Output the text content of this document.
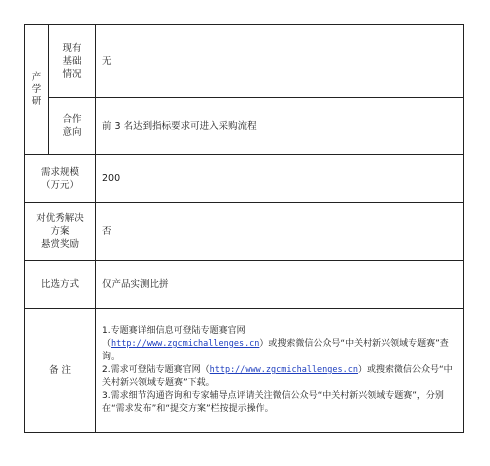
产
学
研	现有
基础
情况	无

	合作
意向	前 3 名达到指标要求可进入采购流程

需求规模
（万元）		200

对优秀解决
方案
悬赏奖励		否
比选方式		仅产品实测比拼
备 注		1.专题赛详细信息可登陆专题赛官网
（http://www.zgcmichallenges.cn）或搜索微信公众号“中关村新兴领域专题赛”查询。
2.需求可登陆专题赛官网（http://www.zgcmichallenges.cn）或搜索微信公众号“中关村新兴领域专题赛”下载。
3.需求细节沟通咨询和专家辅导点评请关注微信公众号“中关村新兴领域专题赛”，分别在“需求发布”和“提交方案”栏按提示操作。
